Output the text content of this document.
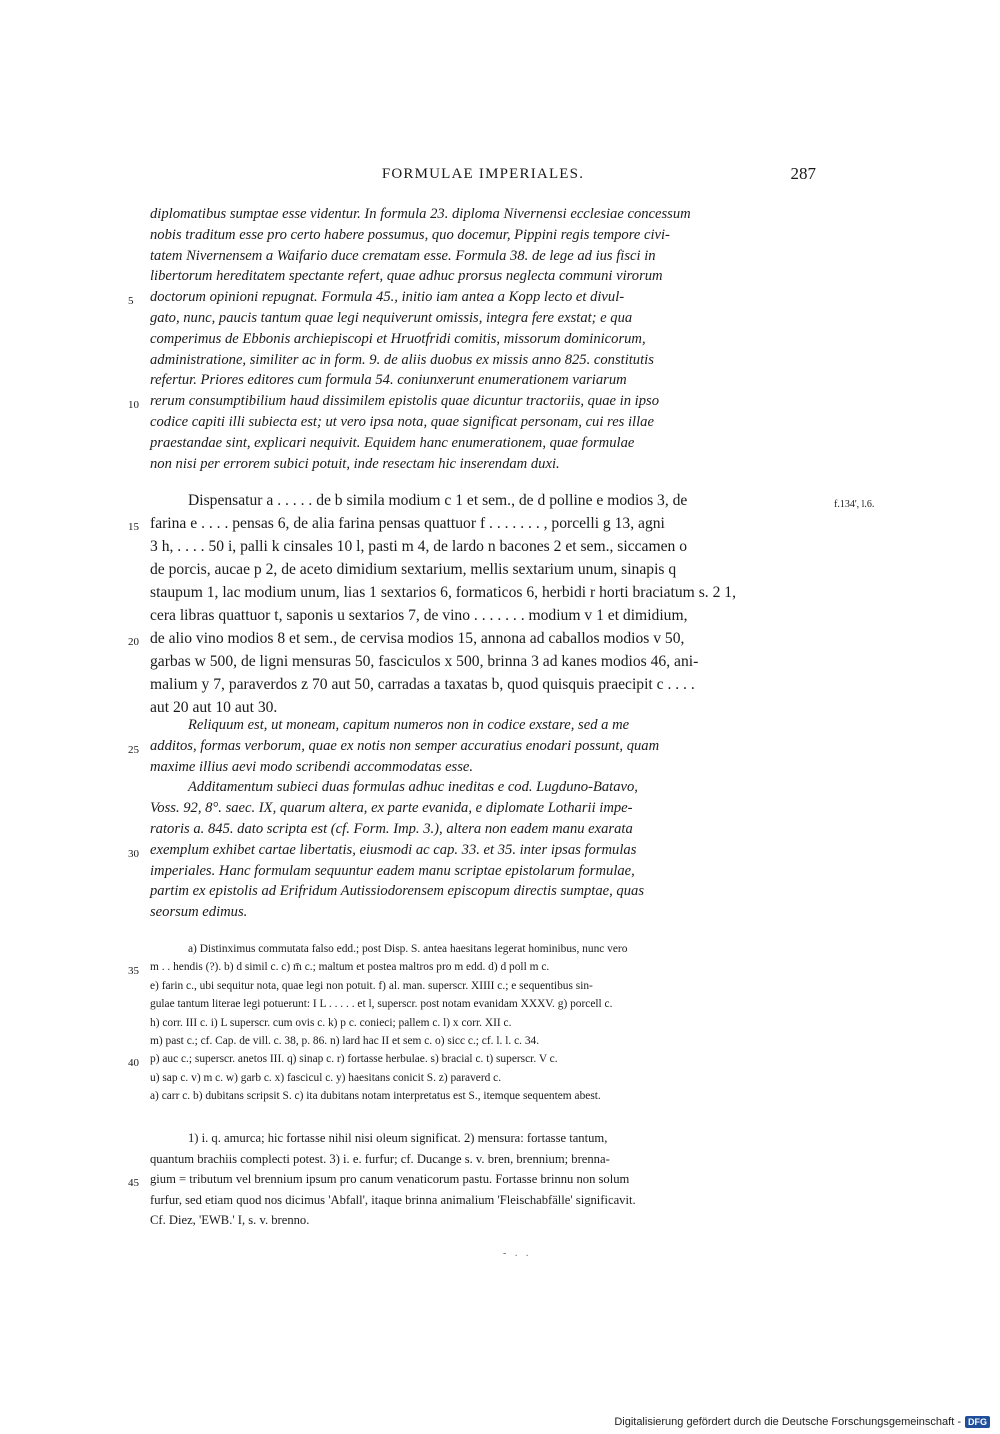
FORMULAE IMPERIALES.	287
diplomatibus sumptae esse videntur. In formula 23. diploma Nivernensi ecclesiae concessum
nobis traditum esse pro certo habere possumus, quo docemur, Pippini regis tempore civi-
tatem Nivernensem a Waifario duce crematam esse. Formula 38. de lege ad ius fisci in
libertorum hereditatem spectante refert, quae adhuc prorsus neglecta communi virorum
5 doctorum opinioni repugnat. Formula 45., initio iam antea a Kopp lecto et divul-
gato, nunc, paucis tantum quae legi nequiverunt omissis, integra fere exstat; e qua
comperimus de Ebbonis archiepiscopi et Hruotfridi comitis, missorum dominicorum,
administratione, similiter ac in form. 9. de aliis duobus ex missis anno 825. constitutis
refertur. Priores editores cum formula 54. coniunxerunt enumerationem variarum
10 rerum consumptibilium haud dissimilem epistolis quae dicuntur tractoriis, quae in ipso
codice capiti illi subiecta est; ut vero ipsa nota, quae significat personam, cui res illae
praestandae sint, explicari nequivit. Equidem hanc enumerationem, quae formulae
non nisi per errorem subici potuit, inde resectam hic inserendam duxi.
Dispensatur a . . . . . de b simila modium c 1 et sem., de d polline e modios 3, de	f.134', l.6.
15 farina e . . . . pensas 6, de alia farina pensas quattuor f . . . . . . . , porcelli g 13, agni
3 h, . . . . 50 i, palli k cinsales 10 l, pasti m 4, de lardo n bacones 2 et sem., siccamen o
de porcis, aucae p 2, de aceto dimidium sextarium, mellis sextarium unum, sinapis q
staupum 1, lac modium unum, lias 1 sextarios 6, formaticos 6, herbidi r horti braciatum s. 2 1,
cera libras quattuor t, saponis u sextarios 7, de vino . . . . . . . modium v 1 et dimidium,
20 de alio vino modios 8 et sem., de cervisa modios 15, annona ad caballos modios v 50,
garbas w 500, de ligni mensuras 50, fasciculos x 500, brinna 3 ad kanes modios 46, ani-
malium y 7, paraverdos z 70 aut 50, carradas a taxatas b, quod quisquis praecipit c . . . .
aut 20 aut 10 aut 30.
Reliquum est, ut moneam, capitum numeros non in codice exstare, sed a me
25 additos, formas verborum, quae ex notis non semper accuratius enodari possunt, quam
maxime illius aevi modo scribendi accommodatas esse.
Additamentum subieci duas formulas adhuc ineditas e cod. Lugduno-Batavo,
Voss. 92, 8°. saec. IX, quarum altera, ex parte evanida, e diplomate Lotharii impe-
ratoris a. 845. dato scripta est (cf. Form. Imp. 3.), altera non eadem manu exarata
30 exemplum exhibet cartae libertatis, eiusmodi ac cap. 33. et 35. inter ipsas formulas
imperiales. Hanc formulam sequuntur eadem manu scriptae epistolarum formulae,
partim ex epistolis ad Erifridum Autissiodorensem episcopum directis sumptae, quas
seorsum edimus.
a) Distinximus commutata falso edd.; post Disp. S. antea haesitans legerat hominibus, nunc vero
35 m . . hendis (?). b) d simil c. c) m̄ c.; maltum et postea maltros pro m edd. d) d poll m c.
e) farin c., ubi sequitur nota, quae legi non potuit. f) al. man. superscr. XIIII c.; e sequentibus sin-
gulae tantum literae legi potuerunt: I L . . . . . et l, superscr. post notam evanidam XXXV. g) porcell c.
h) corr. III c. i) L superscr. cum ovis c. k) p c. conieci; pallem c. l) x corr. XII c.
m) past c.; cf. Cap. de vill. c. 38, p. 86. n) lard hac II et sem c. o) sicc c.; cf. l. l. c. 34.
40 p) auc c.; superscr. anetos III. q) sinap c. r) fortasse herbulae. s) bracial c. t) superscr. V c.
u) sap c. v) m c. w) garb c. x) fascicul c. y) haesitans conicit S. z) paraverd c.
a) carr c. b) dubitans scripsit S. c) ita dubitans notam interpretatus est S., itemque sequentem abest.
1) i. q. amurca; hic fortasse nihil nisi oleum significat. 2) mensura: fortasse tantum,
quantum brachiis complecti potest. 3) i. e. furfur; cf. Ducange s. v. bren, brennium; brenna-
45 gium = tributum vel brennium ipsum pro canum venaticorum pastu. Fortasse brinnu non solum
furfur, sed etiam quod nos dicimus 'Abfall', itaque brinna animalium 'Fleischabfälle' significavit.
Cf. Diez, 'EWB.' I, s. v. brenno.
- . .
Digitalisierung gefördert durch die Deutsche Forschungsgemeinschaft - DFG
